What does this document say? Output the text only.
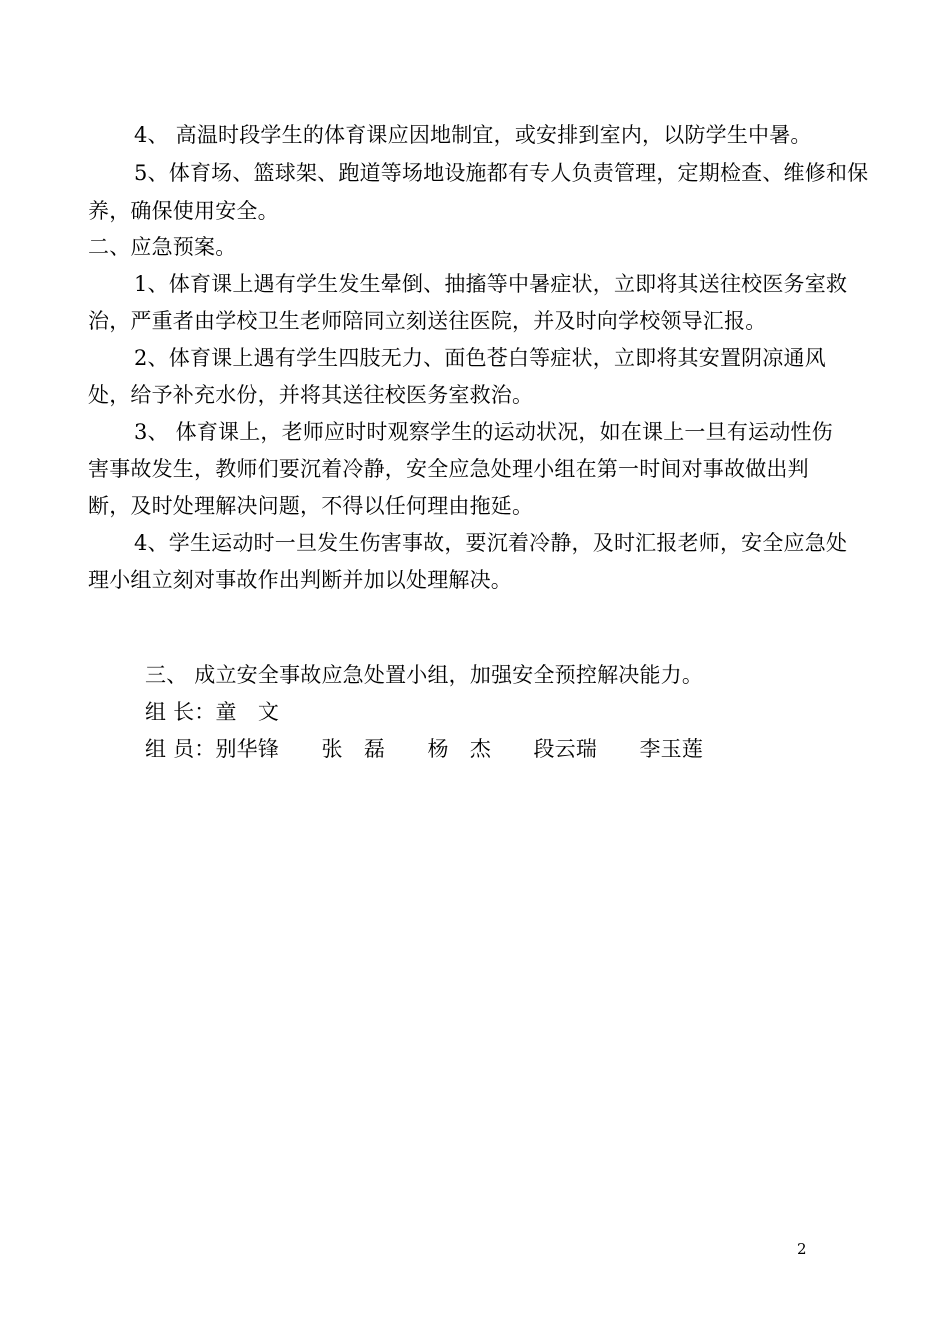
4、 高温时段学生的体育课应因地制宜，或安排到室内，以防学生中暑。
5、体育场、篮球架、跑道等场地设施都有专人负责管理，定期检查、维修和保
养，确保使用安全。
二、应急预案。
1、体育课上遇有学生发生晕倒、抽搐等中暑症状，立即将其送往校医务室救
治，严重者由学校卫生老师陪同立刻送往医院，并及时向学校领导汇报。
2、体育课上遇有学生四肢无力、面色苍白等症状，立即将其安置阴凉通风
处，给予补充水份，并将其送往校医务室救治。
3、 体育课上，老师应时时观察学生的运动状况，如在课上一旦有运动性伤
害事故发生，教师们要沉着冷静，安全应急处理小组在第一时间对事故做出判
断，及时处理解决问题，不得以任何理由拖延。
4、学生运动时一旦发生伤害事故，要沉着冷静，及时汇报老师，安全应急处
理小组立刻对事故作出判断并加以处理解决。
三、 成立安全事故应急处置小组，加强安全预控解决能力。
组 长：童　文
组 员：别华锋　　张　磊　　杨　杰　　段云瑞　　李玉莲
2
